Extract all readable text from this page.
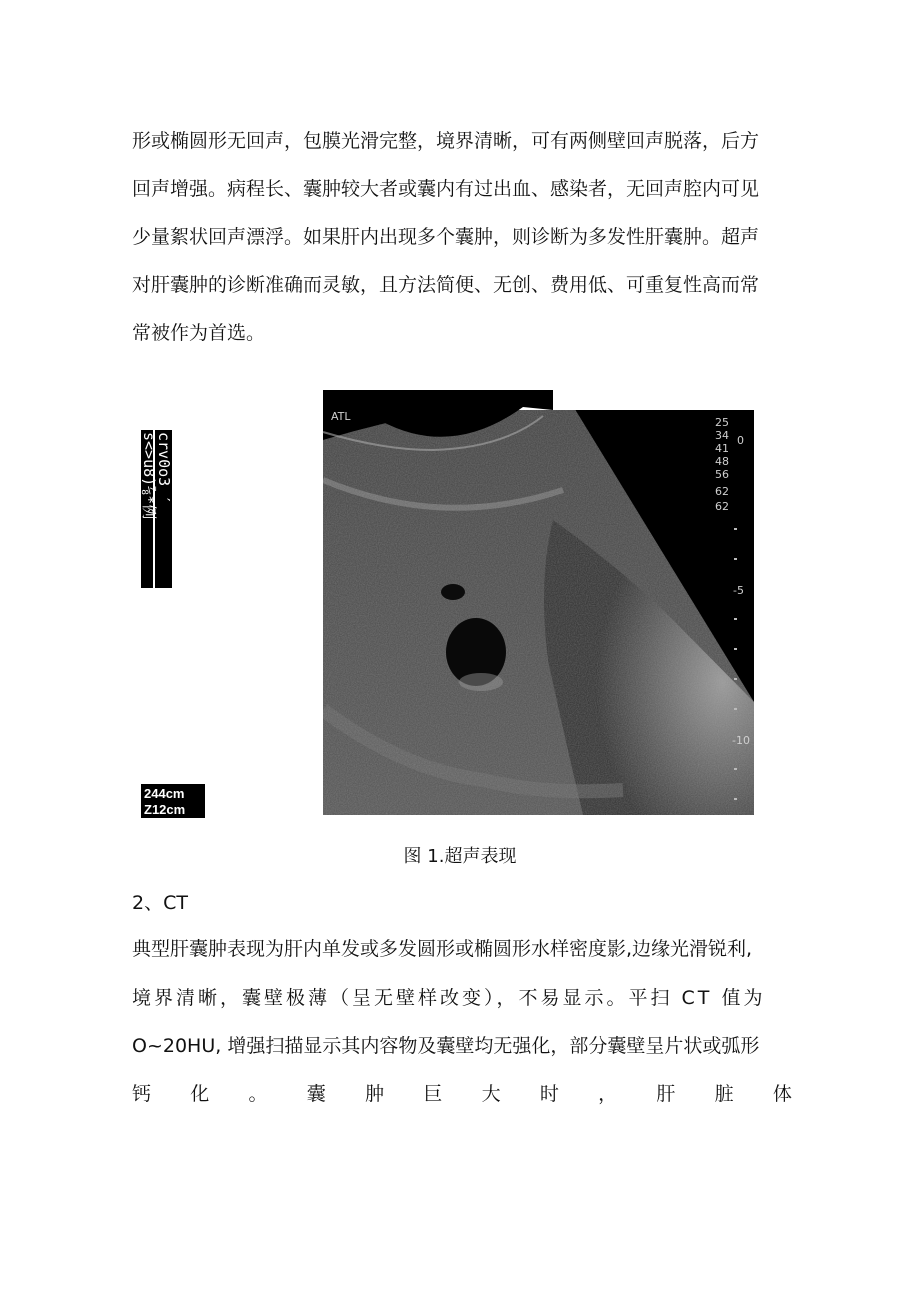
形或椭圆形无回声，包膜光滑完整，境界清晰，可有两侧壁回声脱落，后方
回声增强。病程长、囊肿较大者或囊内有过出血、感染者，无回声腔内可见
少量絮状回声漂浮。如果肝内出现多个囊肿，则诊断为多发性肝囊肿。超声
对肝囊肿的诊断准确而灵敏，且方法简便、无创、费用低、可重复性高而常
常被作为首选。
crv0o3 ′
s<>u8)⅞*例
g'
ATL	25
34
41
48
56
62
62
0
-5
-10
244cm
Z12cm
图 1.超声表现
2、CT
典型肝囊肿表现为肝内单发或多发圆形或椭圆形水样密度影,边缘光滑锐利,
境界清晰，囊壁极薄（呈无壁样改变），不易显示。平扫 CT 值为
O~20HU, 增强扫描显示其内容物及囊壁均无强化，部分囊壁呈片状或弧形
钙 化 。 囊 肿 巨 大 时 ， 肝 脏 体
